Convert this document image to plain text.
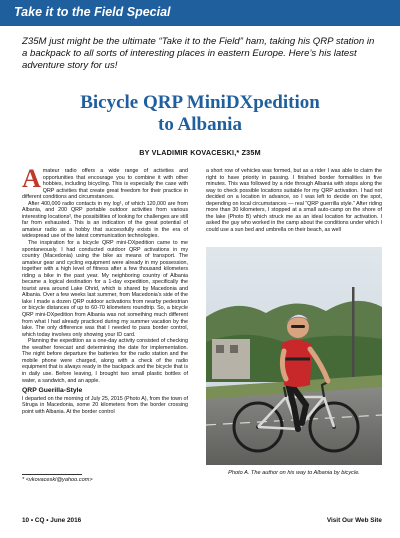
Take it to the Field Special
Z35M just might be the ultimate “Take it to the Field” ham, taking his QRP station in a backpack to all sorts of interesting places in eastern Europe. Here’s his latest adventure story for us!
Bicycle QRP MiniDXpedition
to Albania
BY VLADIMIR KOVACESKI,* Z35M

Amateur radio offers a wide range of activities and opportunities that encourage you to combine it with other hobbies, including bicycling. This is especially the case with QRP activities that create great freedom for their practice in different conditions and circumstances.

After 400,000 radio contacts in my log¹, of which 120,000 are from Albania, and 200 QRP portable outdoor activities from various interesting locations², the possibilities of looking for challenges are still far from exhausted. This is an indication of the great potential of amateur radio as a hobby that successfully exists in the era of widespread use of the latest communication technologies.

The inspiration for a bicycle QRP mini-DXpedition came to me spontaneously. I had conducted outdoor QRP activations in my country (Macedonia) using the bike as means of transport. The amateur gear and cycling equipment were already in my possession, together with a high level of fitness after a few thousand kilometers riding a bike in the past year. My neighboring country of Albania became a logical destination for a 1-day expedition, specifically the tourist area around Lake Ohrid, which is shared by Macedonia and Albania. Over a few weeks last summer, from Macedonia’s side of the lake I made a dozen QRP outdoor activations from nearby pedestrian or bicycle distances of up to 60-70 kilometers roundtrip. So, a bicycle QRP mini-DXpedition from Albania was not something much different from what I had already practiced during my summer vacation by the lake. The only difference was that I needed to pass border control, which today involves only showing your ID card.

Planning the expedition as a one-day activity consisted of checking the weather forecast and determining the date for implementation. The night before departure the batteries for the radio station and the mobile phone were charged, along with a check of the radio equipment that is always ready in the backpack and the bicycle that is in daily use. Before leaving, I brought two small plastic bottles of water, a sandwich, and an apple.

QRP Guerilla-Style

I departed on the morning of July 25, 2015 (Photo A), from the town of Struga in Macedonia, some 20 kilometers from the border crossing point with Albania. At the border control

a short row of vehicles was formed, but as a rider I was able to claim the right to have priority in passing. I finished border formalities in five minutes. This was followed by a ride through Albania with stops along the way to check possible locations suitable for my QRP activation. I had not decided on a location in advance, so I was left to decide on the spot, depending on local circumstances — real “QRP guerrilla style.” After riding more than 30 kilometers, I stopped at a small auto-camp on the shore of the lake (Photo B) which struck me as an ideal location for activation. I asked the guy who worked in the camp about the conditions under which I could use a sun bed and umbrella on their beach, as well

Photo A. The author on his way to Albania by bicycle.
* <vkovaceski@yahoo.com>
10 • CQ • June 2016	Visit Our Web Site
